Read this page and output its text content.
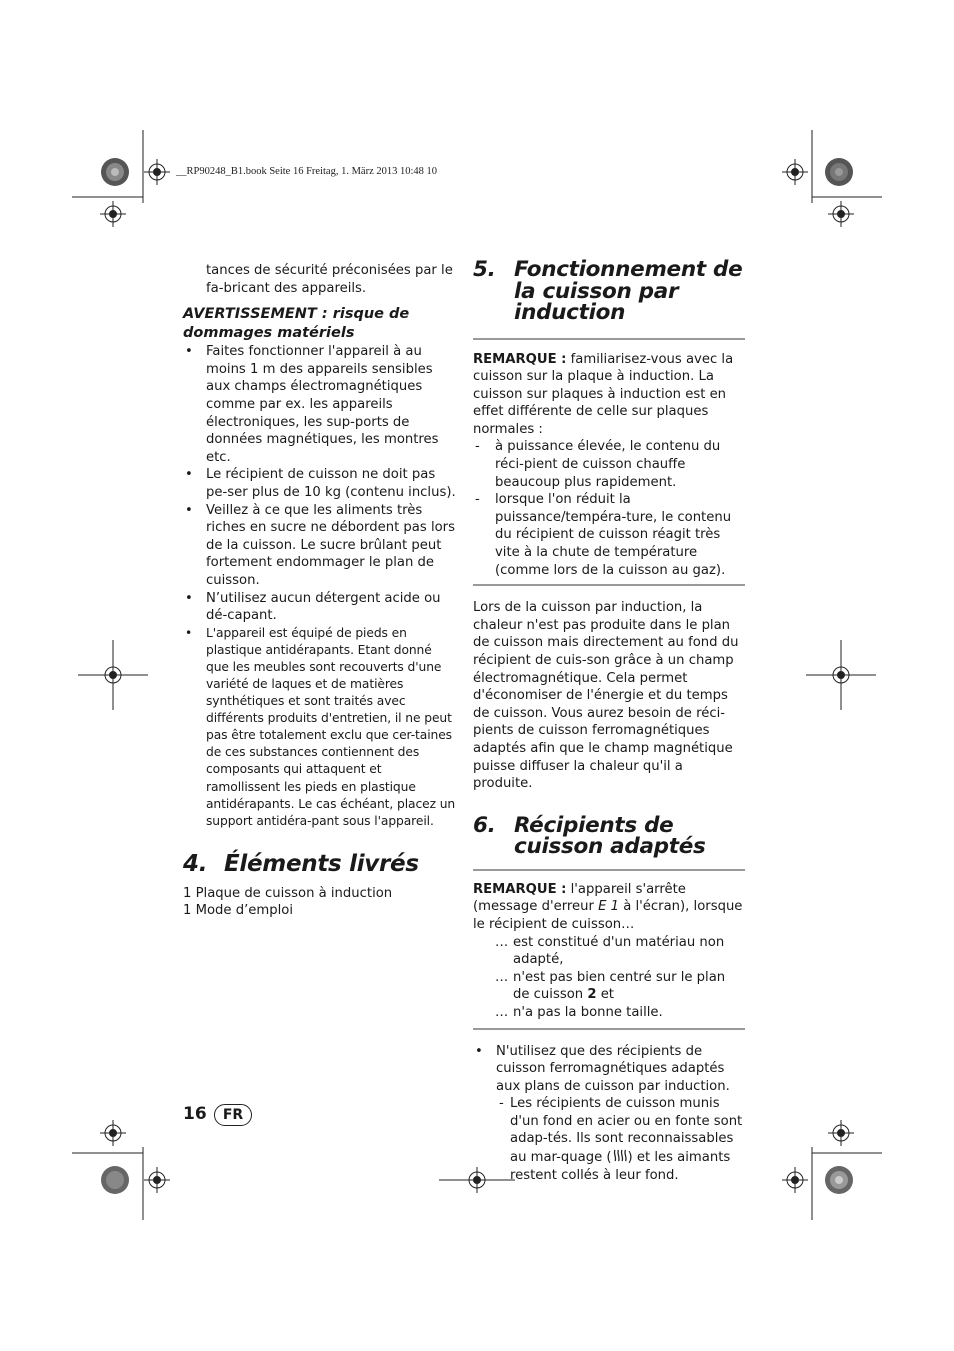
__RP90248_B1.book Seite 16 Freitag, 1. März 2013 10:48 10

tances de sécurité préconisées par le fa-bricant des appareils.

AVERTISSEMENT : risque de dommages matériels

• Faites fonctionner l'appareil à au moins 1 m des appareils sensibles aux champs électromagnétiques comme par ex. les appareils électroniques, les sup-ports de données magnétiques, les montres etc.
• Le récipient de cuisson ne doit pas pe-ser plus de 10 kg (contenu inclus).
• Veillez à ce que les aliments très riches en sucre ne débordent pas lors de la cuisson. Le sucre brûlant peut fortement endommager le plan de cuisson.
• N’utilisez aucun détergent acide ou dé-capant.
• L'appareil est équipé de pieds en plastique antidérapants. Etant donné que les meubles sont recouverts d'une variété de laques et de matières synthétiques et sont traités avec différents produits d'entretien, il ne peut pas être totalement exclu que cer-taines de ces substances contiennent des composants qui attaquent et ramollissent les pieds en plastique antidérapants. Le cas échéant, placez un support antidéra-pant sous l'appareil.
4. Éléments livrés

1 Plaque de cuisson à induction

1 Mode d’emploi

5. Fonctionnement de la cuisson par induction

REMARQUE : familiarisez-vous avec la cuisson sur la plaque à induction. La cuisson sur plaques à induction est en effet différente de celle sur plaques normales :

- à puissance élevée, le contenu du réci-pient de cuisson chauffe beaucoup plus rapidement.
- lorsque l'on réduit la puissance/tempéra-ture, le contenu du récipient de cuisson réagit très vite à la chute de température (comme lors de la cuisson au gaz).

Lors de la cuisson par induction, la chaleur n'est pas produite dans le plan de cuisson mais directement au fond du récipient de cuis-son grâce à un champ électromagnétique. Cela permet d'économiser de l'énergie et du temps de cuisson. Vous aurez besoin de réci-pients de cuisson ferromagnétiques adaptés afin que le champ magnétique puisse diffuser la chaleur qu'il a produite.

6. Récipients de cuisson adaptés

REMARQUE : l'appareil s'arrête (message d'erreur E 1 à l'écran), lorsque le récipient de cuisson…

… est constitué d'un matériau non adapté,
… n'est pas bien centré sur le plan de cuisson 2 et
… n'a pas la bonne taille.
• N'utilisez que des récipients de cuisson ferromagnétiques adaptés aux plans de cuisson par induction.
- Les récipients de cuisson munis d'un fond en acier ou en fonte sont adap-tés. Ils sont reconnaissables au mar-quage ( ) et les aimants restent collés à leur fond.
16	FR
